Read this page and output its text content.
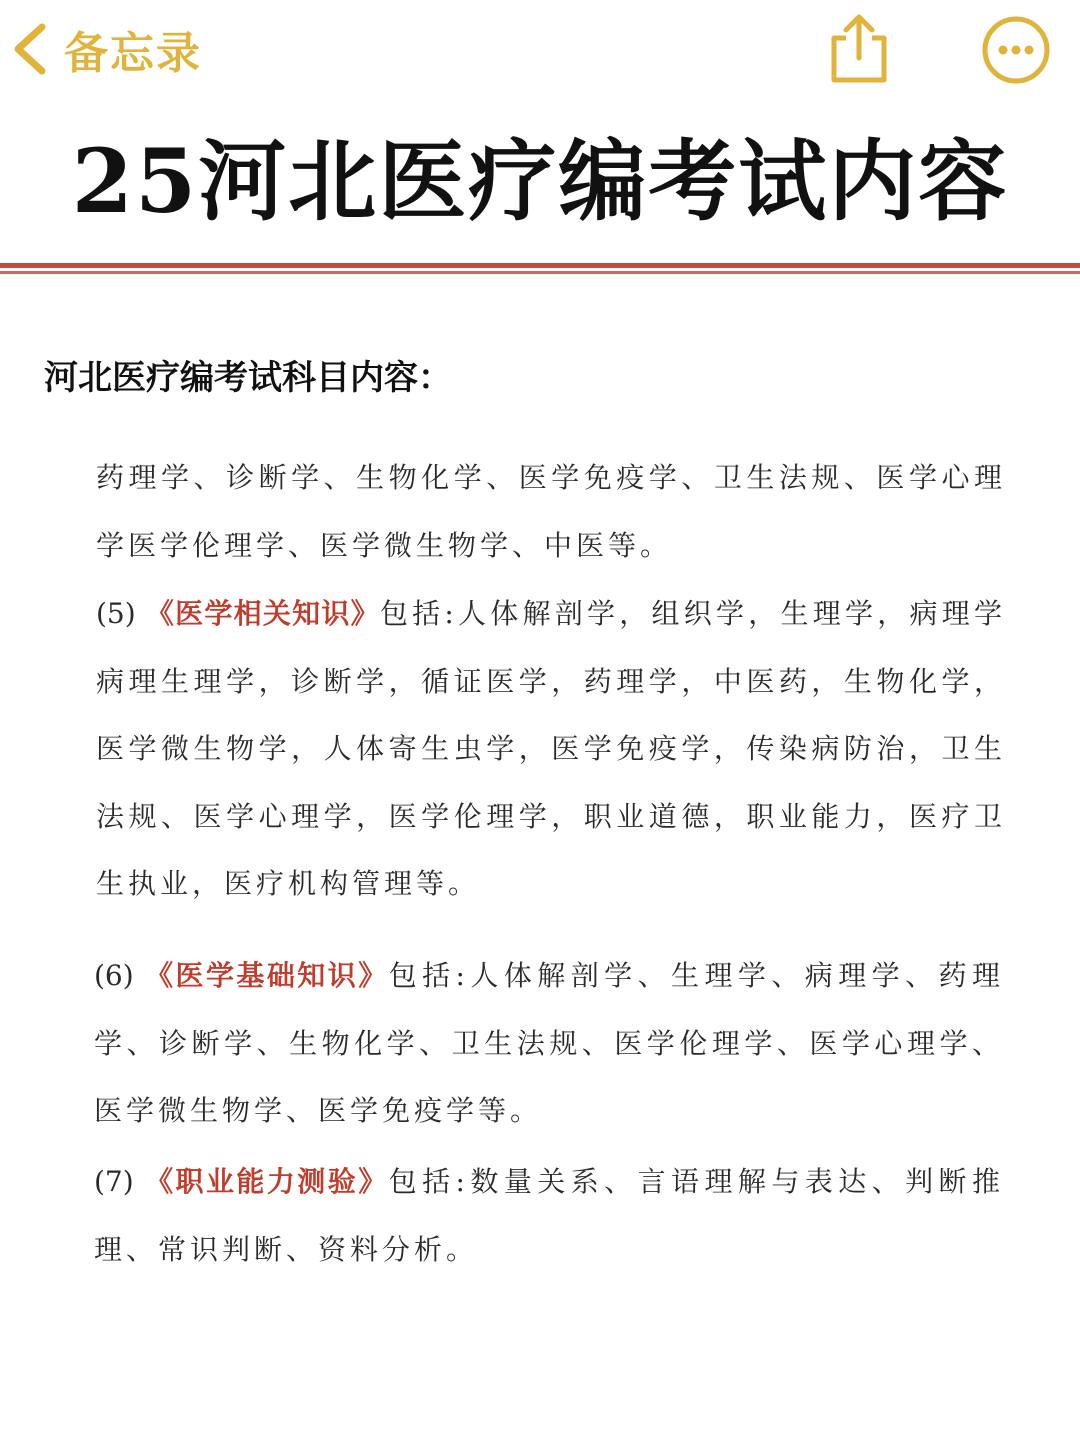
备忘录
25河北医疗编考试内容
河北医疗编考试科目内容：
药理学、诊断学、生物化学、医学免疫学、卫生法规、医学心理学医学伦理学、医学微生物学、中医等。
(5) 《医学相关知识》包括:人体解剖学，组织学，生理学，病理学病理生理学，诊断学，循证医学，药理学，中医药，生物化学，医学微生物学，人体寄生虫学，医学免疫学，传染病防治，卫生法规、医学心理学，医学伦理学，职业道德，职业能力，医疗卫生执业，医疗机构管理等。
(6) 《医学基础知识》包括:人体解剖学、生理学、病理学、药理学、诊断学、生物化学、卫生法规、医学伦理学、医学心理学、医学微生物学、医学免疫学等。
(7) 《职业能力测验》包括:数量关系、言语理解与表达、判断推理、常识判断、资料分析。
